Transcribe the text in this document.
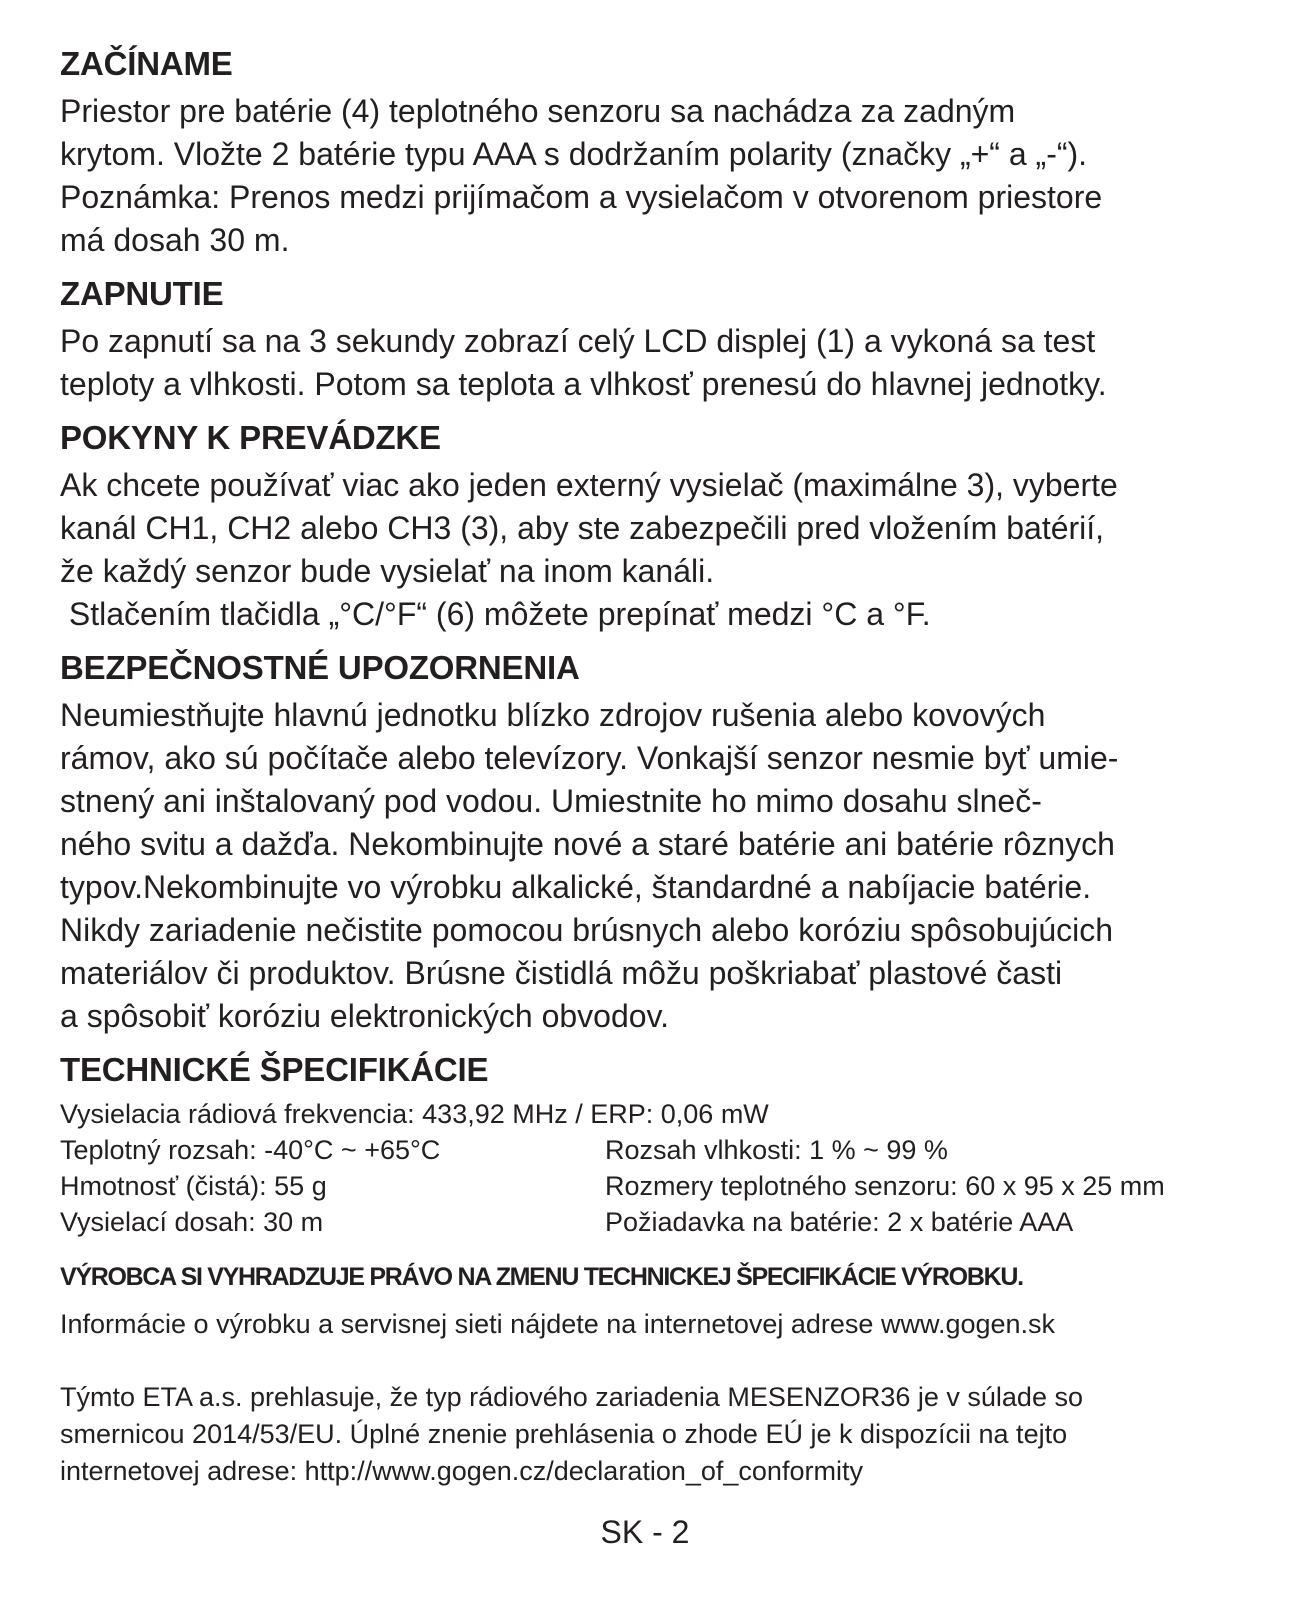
ZAČÍNAME

Priestor pre batérie (4) teplotného senzoru sa nachádza za zadným
krytom. Vložte 2 batérie typu AAA s dodržaním polarity (značky „+“ a „-“).
Poznámka: Prenos medzi prijímačom a vysielačom v otvorenom priestore
má dosah 30 m.

ZAPNUTIE

Po zapnutí sa na 3 sekundy zobrazí celý LCD displej (1) a vykoná sa test
teploty a vlhkosti. Potom sa teplota a vlhkosť prenesú do hlavnej jednotky.

POKYNY K PREVÁDZKE

Ak chcete používať viac ako jeden externý vysielač (maximálne 3), vyberte
kanál CH1, CH2 alebo CH3 (3), aby ste zabezpečili pred vložením batérií,
že každý senzor bude vysielať na inom kanáli.
Stlačením tlačidla „°C/°F“ (6) môžete prepínať medzi °C a °F.

BEZPEČNOSTNÉ UPOZORNENIA

Neumiestňujte hlavnú jednotku blízko zdrojov rušenia alebo kovových
rámov, ako sú počítače alebo televízory. Vonkajší senzor nesmie byť umie-
stnený ani inštalovaný pod vodou. Umiestnite ho mimo dosahu slneč-
ného svitu a dažďa. Nekombinujte nové a staré batérie ani batérie rôznych
typov.Nekombinujte vo výrobku alkalické, štandardné a nabíjacie batérie.
Nikdy zariadenie nečistite pomocou brúsnych alebo koróziu spôsobujúcich
materiálov či produktov. Brúsne čistidlá môžu poškriabať plastové časti
a spôsobiť koróziu elektronických obvodov.

TECHNICKÉ ŠPECIFIKÁCIE
Vysielacia rádiová frekvencia: 433,92 MHz / ERP: 0,06 mW
Teplotný rozsah: -40°C ~ +65°C	Rozsah vlhkosti: 1 % ~ 99 %
Hmotnosť (čistá): 55 g	Rozmery teplotného senzoru: 60 x 95 x 25 mm
Vysielací dosah: 30 m	Požiadavka na batérie: 2 x batérie AAA
VÝROBCA SI VYHRADZUJE PRÁVO NA ZMENU TECHNICKEJ ŠPECIFIKÁCIE VÝROBKU.
Informácie o výrobku a servisnej sieti nájdete na internetovej adrese www.gogen.sk
Týmto ETA a.s. prehlasuje, že typ rádiového zariadenia MESENZOR36 je v súlade so
smernicou 2014/53/EU. Úplné znenie prehlásenia o zhode EÚ je k dispozícii na tejto
internetovej adrese: http://www.gogen.cz/declaration_of_conformity
SK - 2
